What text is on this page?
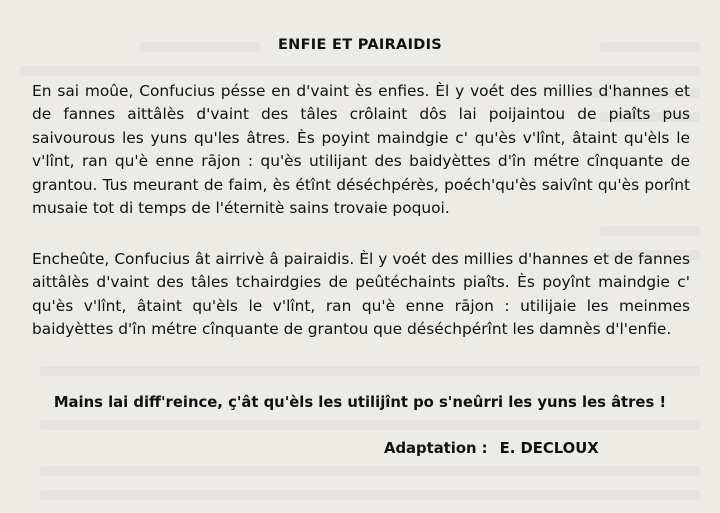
ENFIE ET PAIRAIDIS

En sai moûe, Confucius pésse en d'vaint ès enfies. Èl y voét des millies d'hannes et de fannes aittâlès d'vaint des tâles crôlaint dôs lai poijaintou de piaîts pus saivourous les yuns qu'les âtres. Ès poyint maindgie c' qu'ès v'lînt, âtaint qu'èls le v'lînt, ran qu'è enne rājon : qu'ès utilijant des baidyèttes d'în métre cînquante de grantou. Tus meurant de faim, ès étînt déséchpérès, poéch'qu'ès saivînt qu'ès porînt musaie tot di temps de l'éternitè sains trovaie poquoi.

Encheûte, Confucius ât airrivè â pairaidis. Èl y voét des millies d'hannes et de fannes aittâlès d'vaint des tâles tchairdgies de peûtéchaints piaîts. Ès poyînt maindgie c' qu'ès v'lînt, âtaint qu'èls le v'lînt, ran qu'è enne rājon : utilijaie les meinmes baidyèttes d'în métre cînquante de grantou que déséchpérînt les damnès d'l'enfie.

Mains lai diff'reince, ç'ât qu'èls les utilijînt po s'neûrri les yuns les âtres !
Adaptation : E. DECLOUX
